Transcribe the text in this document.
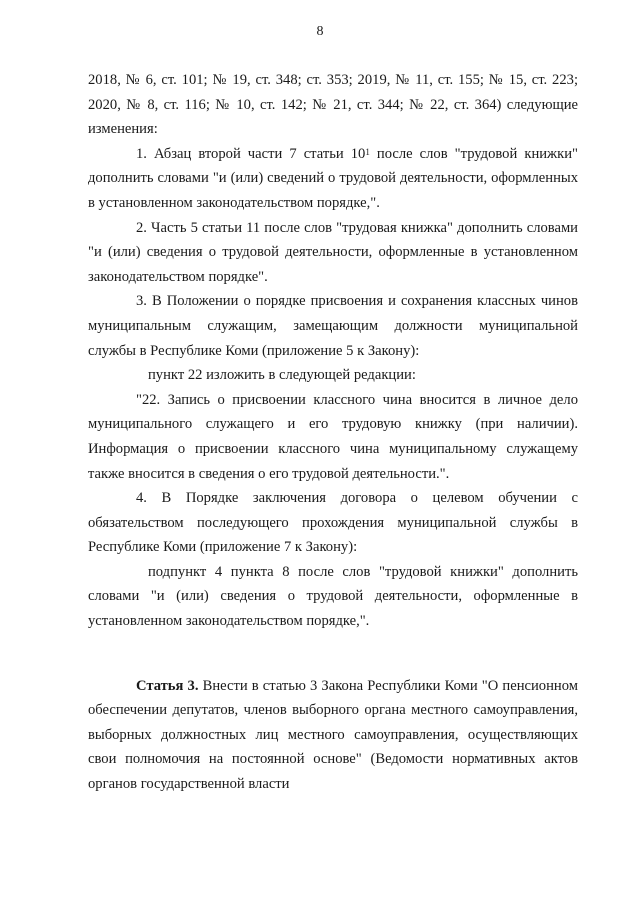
8

2018, № 6, ст. 101; № 19, ст. 348; ст. 353; 2019, № 11, ст. 155; № 15, ст. 223; 2020, № 8, ст. 116; № 10, ст. 142; № 21, ст. 344; № 22, ст. 364) следующие изменения:

1. Абзац второй части 7 статьи $10^1$ после слов "трудовой книжки" дополнить словами "и (или) сведений о трудовой деятельности, оформленных в установленном законодательством порядке,".

2. Часть 5 статьи 11 после слов "трудовая книжка" дополнить словами "и (или) сведения о трудовой деятельности, оформленные в установленном законодательством порядке".

3. В Положении о порядке присвоения и сохранения классных чинов муниципальным служащим, замещающим должности муниципальной службы в Республике Коми (приложение 5 к Закону):

пункт 22 изложить в следующей редакции:

"22. Запись о присвоении классного чина вносится в личное дело муниципального служащего и его трудовую книжку (при наличии). Информация о присвоении классного чина муниципальному служащему также вносится в сведения о его трудовой деятельности.".

4. В Порядке заключения договора о целевом обучении с обязательством последующего прохождения муниципальной службы в Республике Коми (приложение 7 к Закону):

подпункт 4 пункта 8 после слов "трудовой книжки" дополнить словами "и (или) сведения о трудовой деятельности, оформленные в установленном законодательством порядке,".

Статья 3. Внести в статью 3 Закона Республики Коми "О пенсионном обеспечении депутатов, членов выборного органа местного самоуправления, выборных должностных лиц местного самоуправления, осуществляющих свои полномочия на постоянной основе" (Ведомости нормативных актов органов государственной власти
